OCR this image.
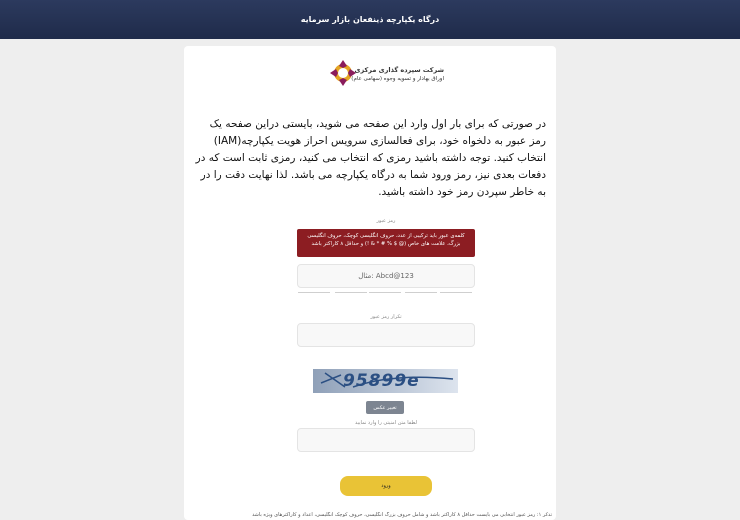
درگاه یکپارچه ذینفعان بازار سرمایه
شرکت سپرده گذاری مرکزی
اوراق بهادار و تسویه وجوه (سهامی عام)
در صورتی که برای بار اول وارد این صفحه می شوید، بایستی دراین صفحه یک رمز عبور به دلخواه خود، برای فعالسازی سرویس احراز هویت یکپارچه(IAM) انتخاب کنید. توجه داشته باشید رمزی که انتخاب می کنید، رمزی ثابت است که در دفعات بعدی نیز، رمز ورود شما به درگاه یکپارچه می باشد. لذا نهایت دقت را در به خاطر سپردن رمز خود داشته باشید.
رمز عبور
کلمه‌ی عبور باید ترکیبی از عدد، حروف انگلیسی کوچک، حروف انگلیسی بزرگ، علامت های خاص (@ $ % # * & !) و حداقل ۸ کاراکتر باشد
مثال: Abcd@123
تکرار رمز عبور
95899e
تغییر عکس
لطفا متن امنیتی را وارد نمایید
ورود
تذکر ۱: رمز عبور انتخابی می بایست حداقل ۸ کاراکتر باشد و شامل حروف بزرگ انگلیسی، حروف کوچک انگلیسی، اعداد و کاراکترهای ویژه باشد
